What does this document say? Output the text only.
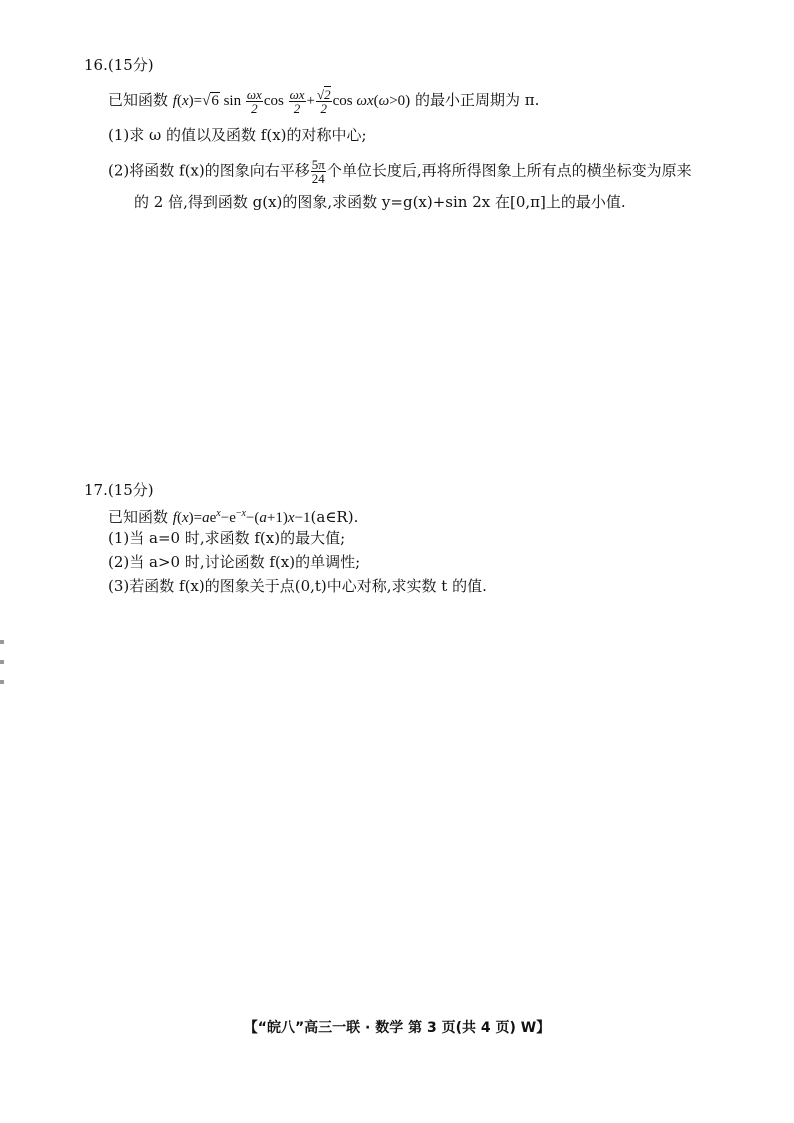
16.(15分)
已知函数 f(x)=√6 $\sin \frac{\omega x}{2}$ $\cos \frac{\omega x}{2} + \frac{√2}{2}$ cos ωx(ω>0) 的最小正周期为 π.
(1)求 ω 的值以及函数 f(x)的对称中心;
(2)将函数 f(x)的图象向右平移 $\frac{5\pi}{24}$ 个单位长度后,再将所得图象上所有点的横坐标变为原来
的 2 倍,得到函数 g(x)的图象,求函数 y=g(x)+sin 2x 在[0,π]上的最小值.
17.(15分)
已知函数 $f(x)=ae^x-e^{-x}-(a+1)x-1(a\in R)$.
(1)当 a=0 时,求函数 f(x)的最大值;
(2)当 a>0 时,讨论函数 f(x)的单调性;
(3)若函数 f(x)的图象关于点(0,t)中心对称,求实数 t 的值.
【“皖八”高三一联 · 数学 第 3 页(共 4 页) W】
